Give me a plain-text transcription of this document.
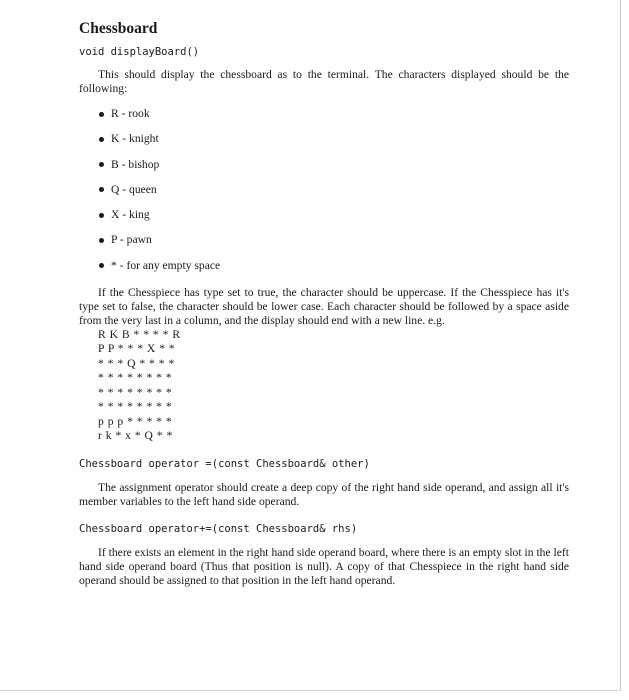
Chessboard
void displayBoard()

This should display the chessboard as to the terminal. The characters displayed should be the following:

R - rook
K - knight
B - bishop
Q - queen
X - king
P - pawn
* - for any empty space

If the Chesspiece has type set to true, the character should be uppercase. If the Chesspiece has it's type set to false, the character should be lower case. Each character should be followed by a space aside from the very last in a column, and the display should end with a new line. e.g.

R K B * * * * R
P P * * * X * *
* * * Q * * * *
* * * * * * * *
* * * * * * * *
* * * * * * * *
p p p * * * * *
r k * x * Q * *
Chessboard operator =(const Chessboard& other)

The assignment operator should create a deep copy of the right hand side operand, and assign all it's member variables to the left hand side operand.

Chessboard operator+=(const Chessboard& rhs)

If there exists an element in the right hand side operand board, where there is an empty slot in the left hand side operand board (Thus that position is null). A copy of that Chesspiece in the right hand side operand should be assigned to that position in the left hand operand.
